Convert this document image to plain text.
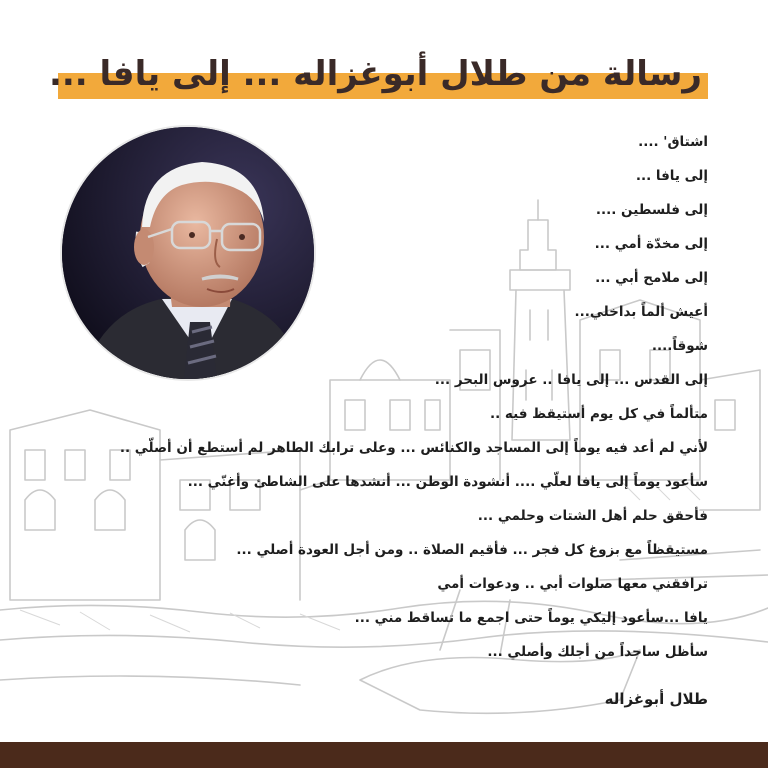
رسالة من طلال أبوغزاله ... إلى يافا ...
اشتاق' ....
إلى يافا ...
إلى فلسطين ....
إلى مخدّة أمي ...
إلى ملامح أبي ...
أعيش ألماً بداخلي...
شوقاً....
إلى القدس ... إلى يافا .. عروس البحر ...
متألماً في كل يوم أستيقظ فيه ..
لأني لم أعد فيه يوماً إلى المساجد والكنائس ... وعلى ترابك الطاهر لم أستطع أن أصلّي ..
سأعود يوماً إلى يافا لعلّي .... أنشودة الوطن ... أنشدها على الشاطئ وأغنّي ...
فأحقق حلم أهل الشتات وحلمي ...
مستيقظاً مع بزوغ كل فجر ... فأقيم الصلاة .. ومن أجل العودة أصلي ...
ترافقني معها صلوات أبي .. ودعوات أمي
يافا ...سأعود إليكي يوماً حتى اجمع ما تساقط مني ...
سأظل ساجداً من أجلك وأصلي ...
طلال أبوغزاله
